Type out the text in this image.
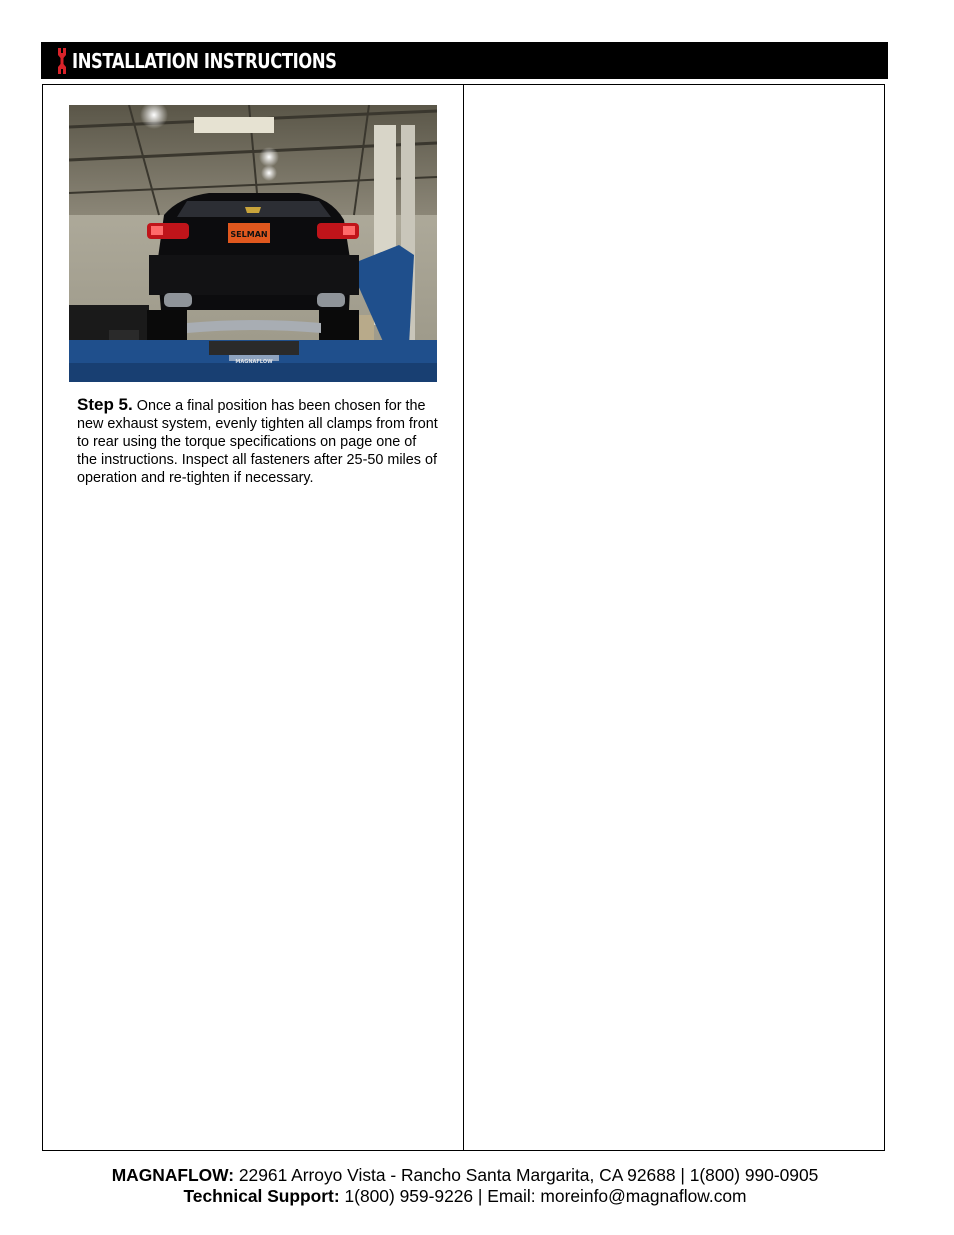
INSTALLATION INSTRUCTIONS
SELMAN
MAGNAFLOW

Step 5. Once a final position has been chosen for the new exhaust system, evenly tighten all clamps from front to rear using the torque specifications on page one of the instructions. Inspect all fasteners after 25-50 miles of operation and re-tighten if necessary.

MAGNAFLOW: 22961 Arroyo Vista - Rancho Santa Margarita, CA 92688 | 1(800) 990-0905
Technical Support: 1(800) 959-9226 | Email: moreinfo@magnaflow.com
